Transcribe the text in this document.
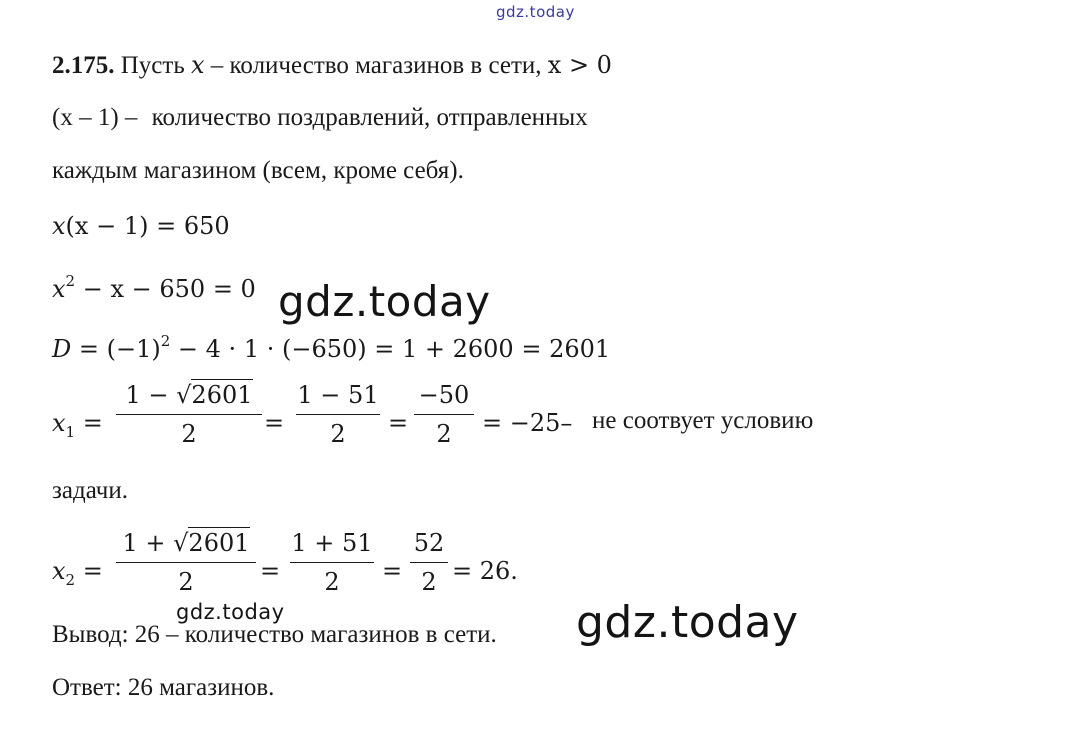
gdz.today
2.175. Пусть x – количество магазинов в сети, x > 0
(x – 1) – количество поздравлений, отправленных
каждым магазином (всем, кроме себя).
x(x − 1) = 650
$x^2 - x - 650 = 0$ gdz.today
$D = (-1)^2 - 4 \cdot 1 \cdot (-650) = 1 + 2600 = 2601$
$x_1$ =
1 − √2601
2	=
1 − 51
2	=
−50
2	= −25– не соотвует условию
задачи.
$x_2$ =
1 + √2601
2	=
1 + 51
2	=
52
2 = 26.
gdz.today
Вывод: 26 – количество магазинов в сети. gdz.today
Ответ: 26 магазинов.
